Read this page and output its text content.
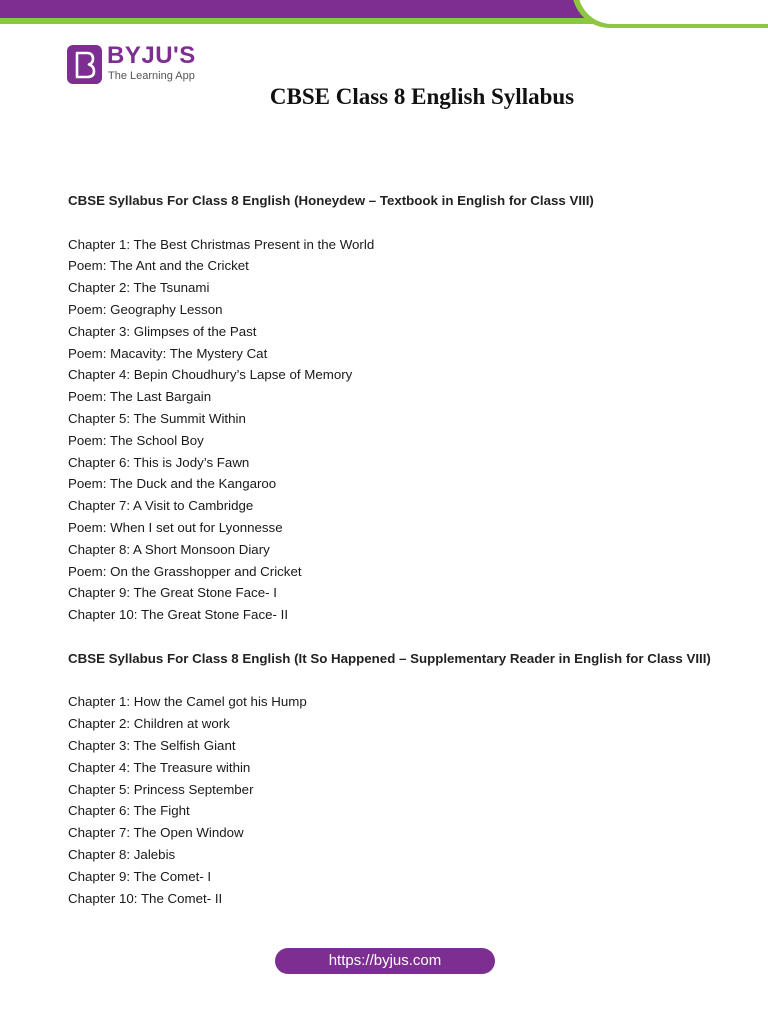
BYJU'S
The Learning App
CBSE Class 8 English Syllabus
CBSE Syllabus For Class 8 English (Honeydew – Textbook in English for Class VIII)
Chapter 1: The Best Christmas Present in the World
Poem: The Ant and the Cricket
Chapter 2: The Tsunami
Poem: Geography Lesson
Chapter 3: Glimpses of the Past
Poem: Macavity: The Mystery Cat
Chapter 4: Bepin Choudhury’s Lapse of Memory
Poem: The Last Bargain
Chapter 5: The Summit Within
Poem: The School Boy
Chapter 6: This is Jody’s Fawn
Poem: The Duck and the Kangaroo
Chapter 7: A Visit to Cambridge
Poem: When I set out for Lyonnesse
Chapter 8: A Short Monsoon Diary
Poem: On the Grasshopper and Cricket
Chapter 9: The Great Stone Face- I
Chapter 10: The Great Stone Face- II
CBSE Syllabus For Class 8 English (It So Happened – Supplementary Reader in English for Class VIII)
Chapter 1: How the Camel got his Hump
Chapter 2: Children at work
Chapter 3: The Selfish Giant
Chapter 4: The Treasure within
Chapter 5: Princess September
Chapter 6: The Fight
Chapter 7: The Open Window
Chapter 8: Jalebis
Chapter 9: The Comet- I
Chapter 10: The Comet- II
https://byjus.com
